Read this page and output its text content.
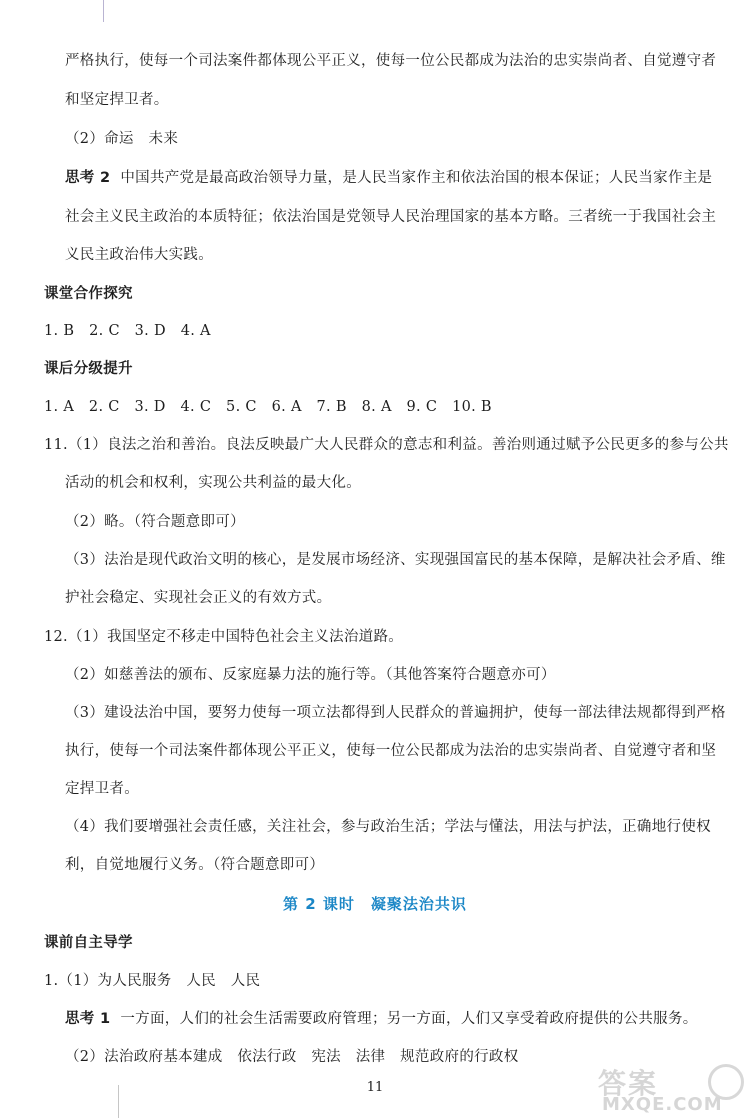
严格执行，使每一个司法案件都体现公平正义，使每一位公民都成为法治的忠实崇尚者、自觉遵守者
和坚定捍卫者。
（2）命运　未来
思考 2 中国共产党是最高政治领导力量，是人民当家作主和依法治国的根本保证；人民当家作主是
社会主义民主政治的本质特征；依法治国是党领导人民治理国家的基本方略。三者统一于我国社会主
义民主政治伟大实践。
课堂合作探究
1. B　2. C　3. D　4. A
课后分级提升
1. A　2. C　3. D　4. C　5. C　6. A　7. B　8. A　9. C　10. B
11.（1）良法之治和善治。良法反映最广大人民群众的意志和利益。善治则通过赋予公民更多的参与公共
活动的机会和权利，实现公共利益的最大化。
（2）略。（符合题意即可）
（3）法治是现代政治文明的核心，是发展市场经济、实现强国富民的基本保障，是解决社会矛盾、维
护社会稳定、实现社会正义的有效方式。
12.（1）我国坚定不移走中国特色社会主义法治道路。
（2）如慈善法的颁布、反家庭暴力法的施行等。（其他答案符合题意亦可）
（3）建设法治中国，要努力使每一项立法都得到人民群众的普遍拥护，使每一部法律法规都得到严格
执行，使每一个司法案件都体现公平正义，使每一位公民都成为法治的忠实崇尚者、自觉遵守者和坚
定捍卫者。
（4）我们要增强社会责任感，关注社会，参与政治生活；学法与懂法，用法与护法，正确地行使权
利，自觉地履行义务。（符合题意即可）
第 2 课时　凝聚法治共识
课前自主导学
1.（1）为人民服务　人民　人民
思考 1 一方面，人们的社会生活需要政府管理；另一方面，人们又享受着政府提供的公共服务。
（2）法治政府基本建成　依法行政　宪法　法律　规范政府的行政权
11	答案
MXQE.COM
